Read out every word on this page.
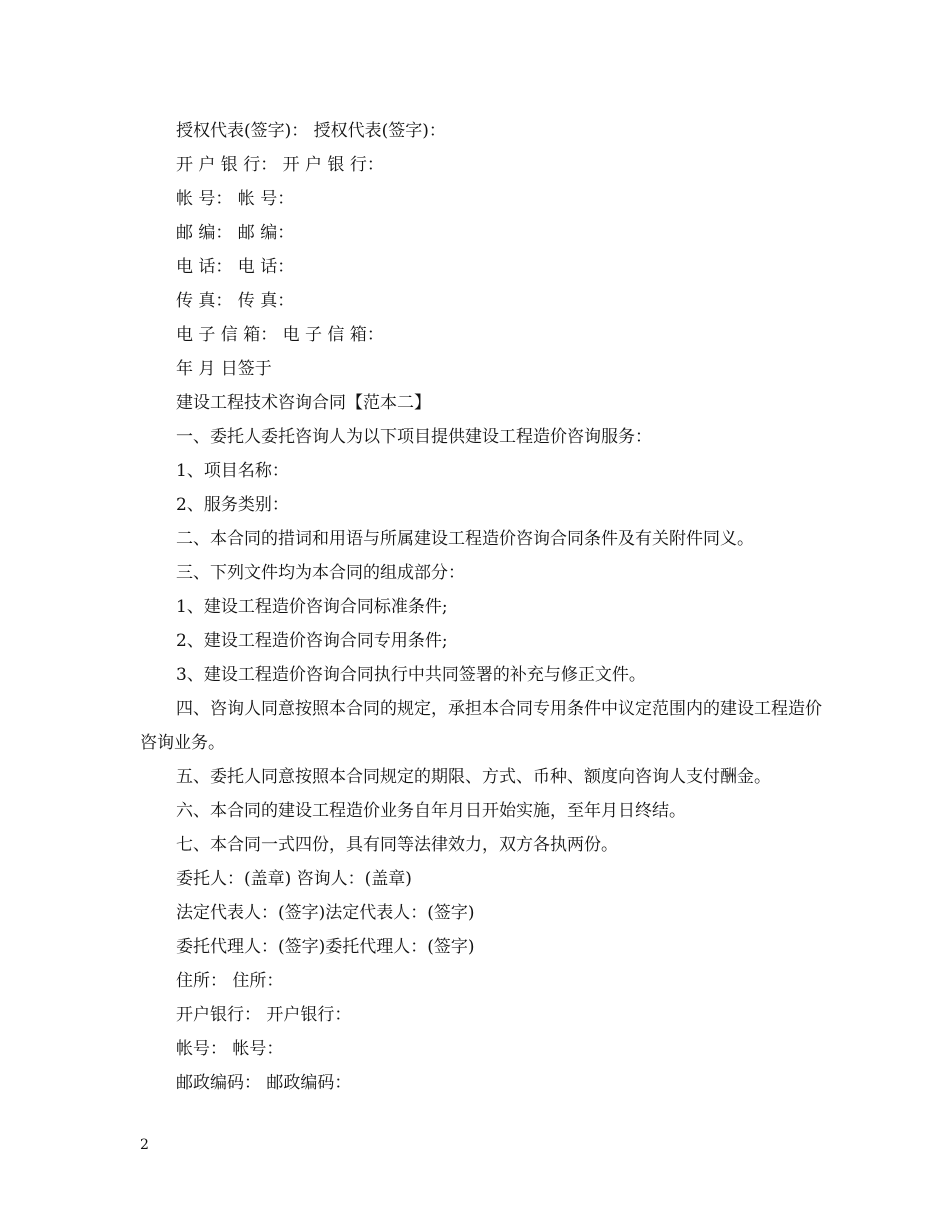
授权代表(签字)： 授权代表(签字)：

开 户 银 行： 开 户 银 行：

帐 号： 帐 号：

邮 编： 邮 编：

电 话： 电 话：

传 真： 传 真：

电 子 信 箱： 电 子 信 箱：

年 月 日签于

建设工程技术咨询合同【范本二】

一、委托人委托咨询人为以下项目提供建设工程造价咨询服务：

1、项目名称：

2、服务类别：

二、本合同的措词和用语与所属建设工程造价咨询合同条件及有关附件同义。

三、下列文件均为本合同的组成部分：

1、建设工程造价咨询合同标准条件;

2、建设工程造价咨询合同专用条件;

3、建设工程造价咨询合同执行中共同签署的补充与修正文件。

四、咨询人同意按照本合同的规定，承担本合同专用条件中议定范围内的建设工程造价咨询业务。

五、委托人同意按照本合同规定的期限、方式、币种、额度向咨询人支付酬金。

六、本合同的建设工程造价业务自年月日开始实施，至年月日终结。

七、本合同一式四份，具有同等法律效力，双方各执两份。

委托人：(盖章) 咨询人：(盖章)

法定代表人：(签字)法定代表人：(签字)

委托代理人：(签字)委托代理人：(签字)

住所： 住所：

开户银行： 开户银行：

帐号： 帐号：

邮政编码： 邮政编码：

2
